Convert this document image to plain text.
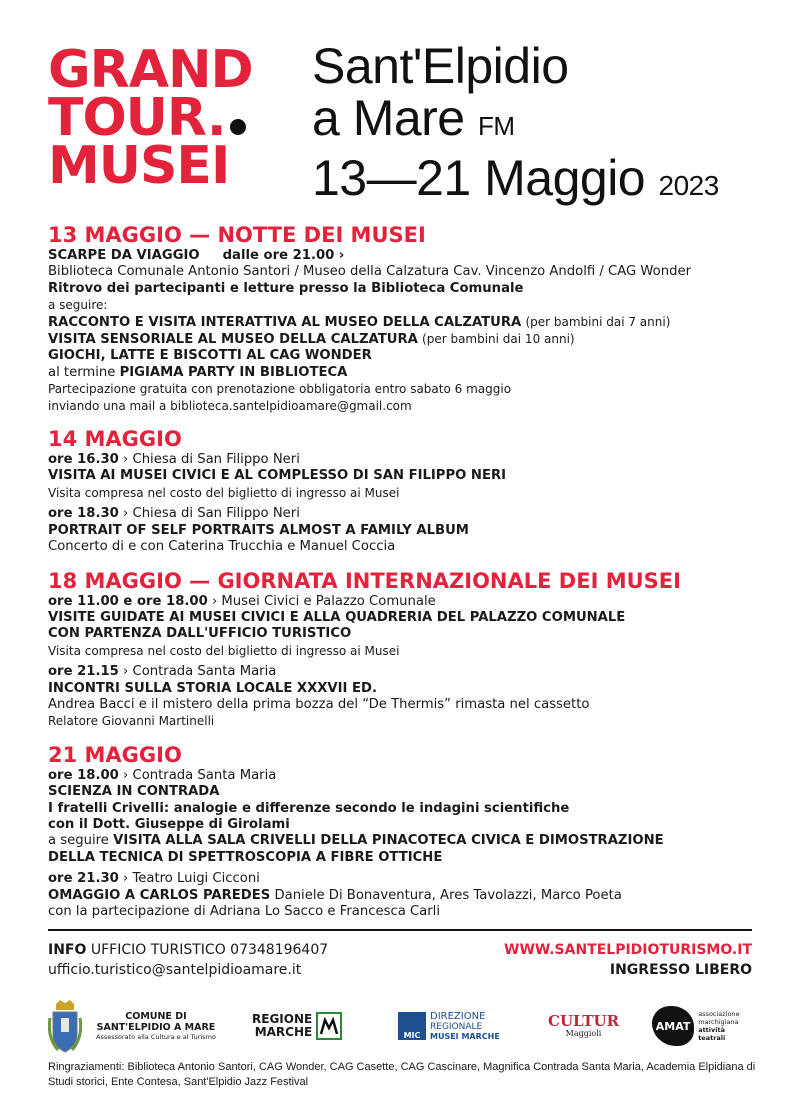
GRAND
TOUR.
MUSEI
Sant'Elpidio
a Mare FM
13—21 Maggio 2023
13 MAGGIO — NOTTE DEI MUSEI
SCARPE DA VIAGGIO dalle ore 21.00 ›
Biblioteca Comunale Antonio Santori / Museo della Calzatura Cav. Vincenzo Andolfi / CAG Wonder
Ritrovo dei partecipanti e letture presso la Biblioteca Comunale
a seguire:
RACCONTO E VISITA INTERATTIVA AL MUSEO DELLA CALZATURA (per bambini dai 7 anni)
VISITA SENSORIALE AL MUSEO DELLA CALZATURA (per bambini dai 10 anni)
GIOCHI, LATTE E BISCOTTI AL CAG WONDER
al termine PIGIAMA PARTY IN BIBLIOTECA
Partecipazione gratuita con prenotazione obbligatoria entro sabato 6 maggio
inviando una mail a biblioteca.santelpidioamare@gmail.com
14 MAGGIO
ore 16.30 › Chiesa di San Filippo Neri
VISITA AI MUSEI CIVICI E AL COMPLESSO DI SAN FILIPPO NERI
Visita compresa nel costo del biglietto di ingresso ai Musei
ore 18.30 › Chiesa di San Filippo Neri
PORTRAIT OF SELF PORTRAITS ALMOST A FAMILY ALBUM
Concerto di e con Caterina Trucchia e Manuel Coccia
18 MAGGIO — GIORNATA INTERNAZIONALE DEI MUSEI
ore 11.00 e ore 18.00 › Musei Civici e Palazzo Comunale
VISITE GUIDATE AI MUSEI CIVICI E ALLA QUADRERIA DEL PALAZZO COMUNALE
CON PARTENZA DALL'UFFICIO TURISTICO
Visita compresa nel costo del biglietto di ingresso ai Musei
ore 21.15 › Contrada Santa Maria
INCONTRI SULLA STORIA LOCALE XXXVII ED.
Andrea Bacci e il mistero della prima bozza del “De Thermis” rimasta nel cassetto
Relatore Giovanni Martinelli
21 MAGGIO
ore 18.00 › Contrada Santa Maria
SCIENZA IN CONTRADA
I fratelli Crivelli: analogie e differenze secondo le indagini scientifiche
con il Dott. Giuseppe di Girolami
a seguire VISITA ALLA SALA CRIVELLI DELLA PINACOTECA CIVICA E DIMOSTRAZIONE
DELLA TECNICA DI SPETTROSCOPIA A FIBRE OTTICHE
ore 21.30 › Teatro Luigi Cicconi
OMAGGIO A CARLOS PAREDES Daniele Di Bonaventura, Ares Tavolazzi, Marco Poeta
con la partecipazione di Adriana Lo Sacco e Francesca Carli
INFO UFFICIO TURISTICO 07348196407
ufficio.turistico@santelpidioamare.it
WWW.SANTELPIDIOTURISMO.IT
INGRESSO LIBERO
COMUNE DI
SANT'ELPIDIO A MARE
Assessorato alla Cultura e al Turismo
REGIONE
MARCHE	MIC
DIREZIONE
REGIONALE
MUSEI MARCHE
CULTUR
Maggioli
AMAT
associazione
marchigiana
attività teatrali
Ringraziamenti: Biblioteca Antonio Santori, CAG Wonder, CAG Casette, CAG Cascinare, Magnifica Contrada Santa Maria, Academia Elpidiana di Studi storici, Ente Contesa, Sant'Elpidio Jazz Festival
